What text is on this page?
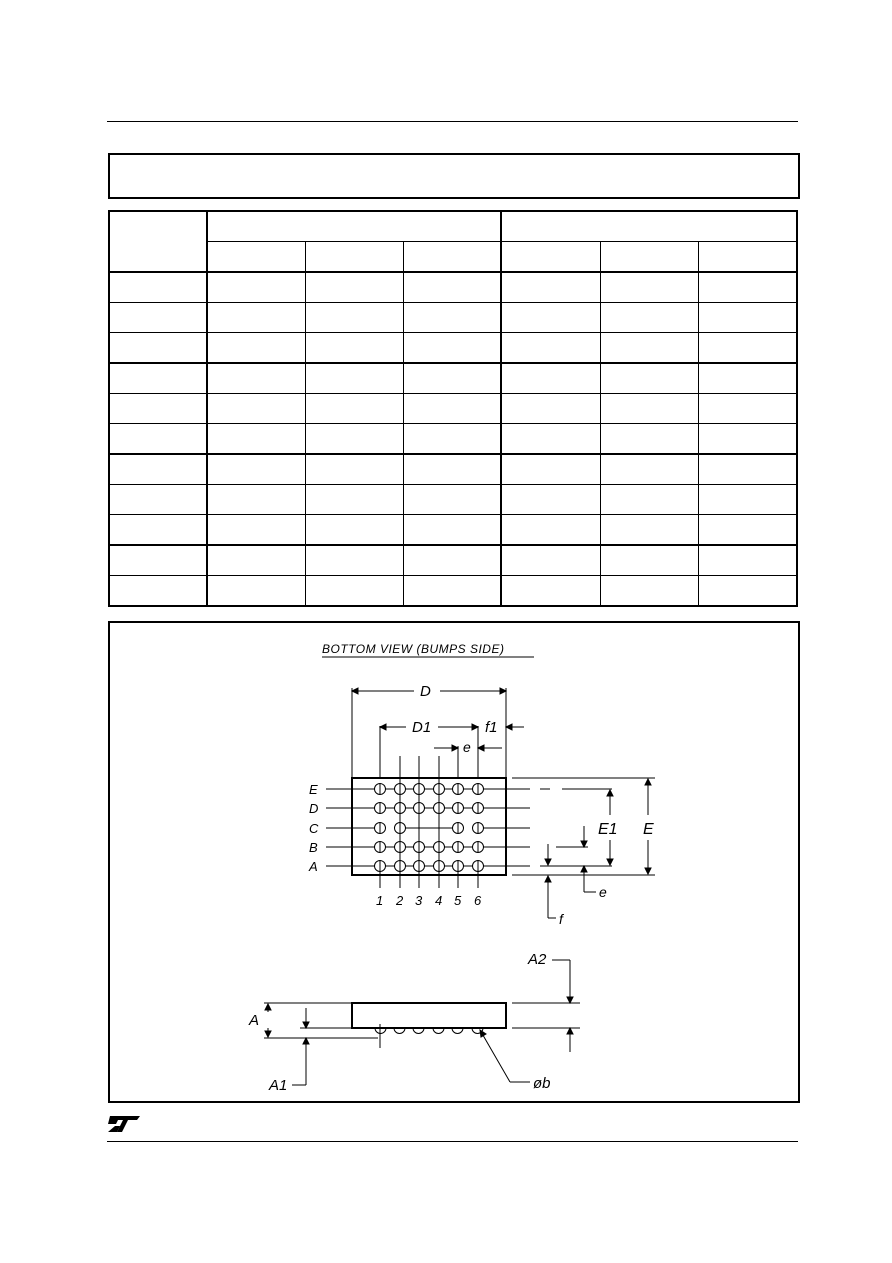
BOTTOM VIEW (BUMPS SIDE)
D
D1	f1
e
E
E1
e
f
A
A1
A2
øb
E
D
C
B
A
1 2 3 4 5 6
